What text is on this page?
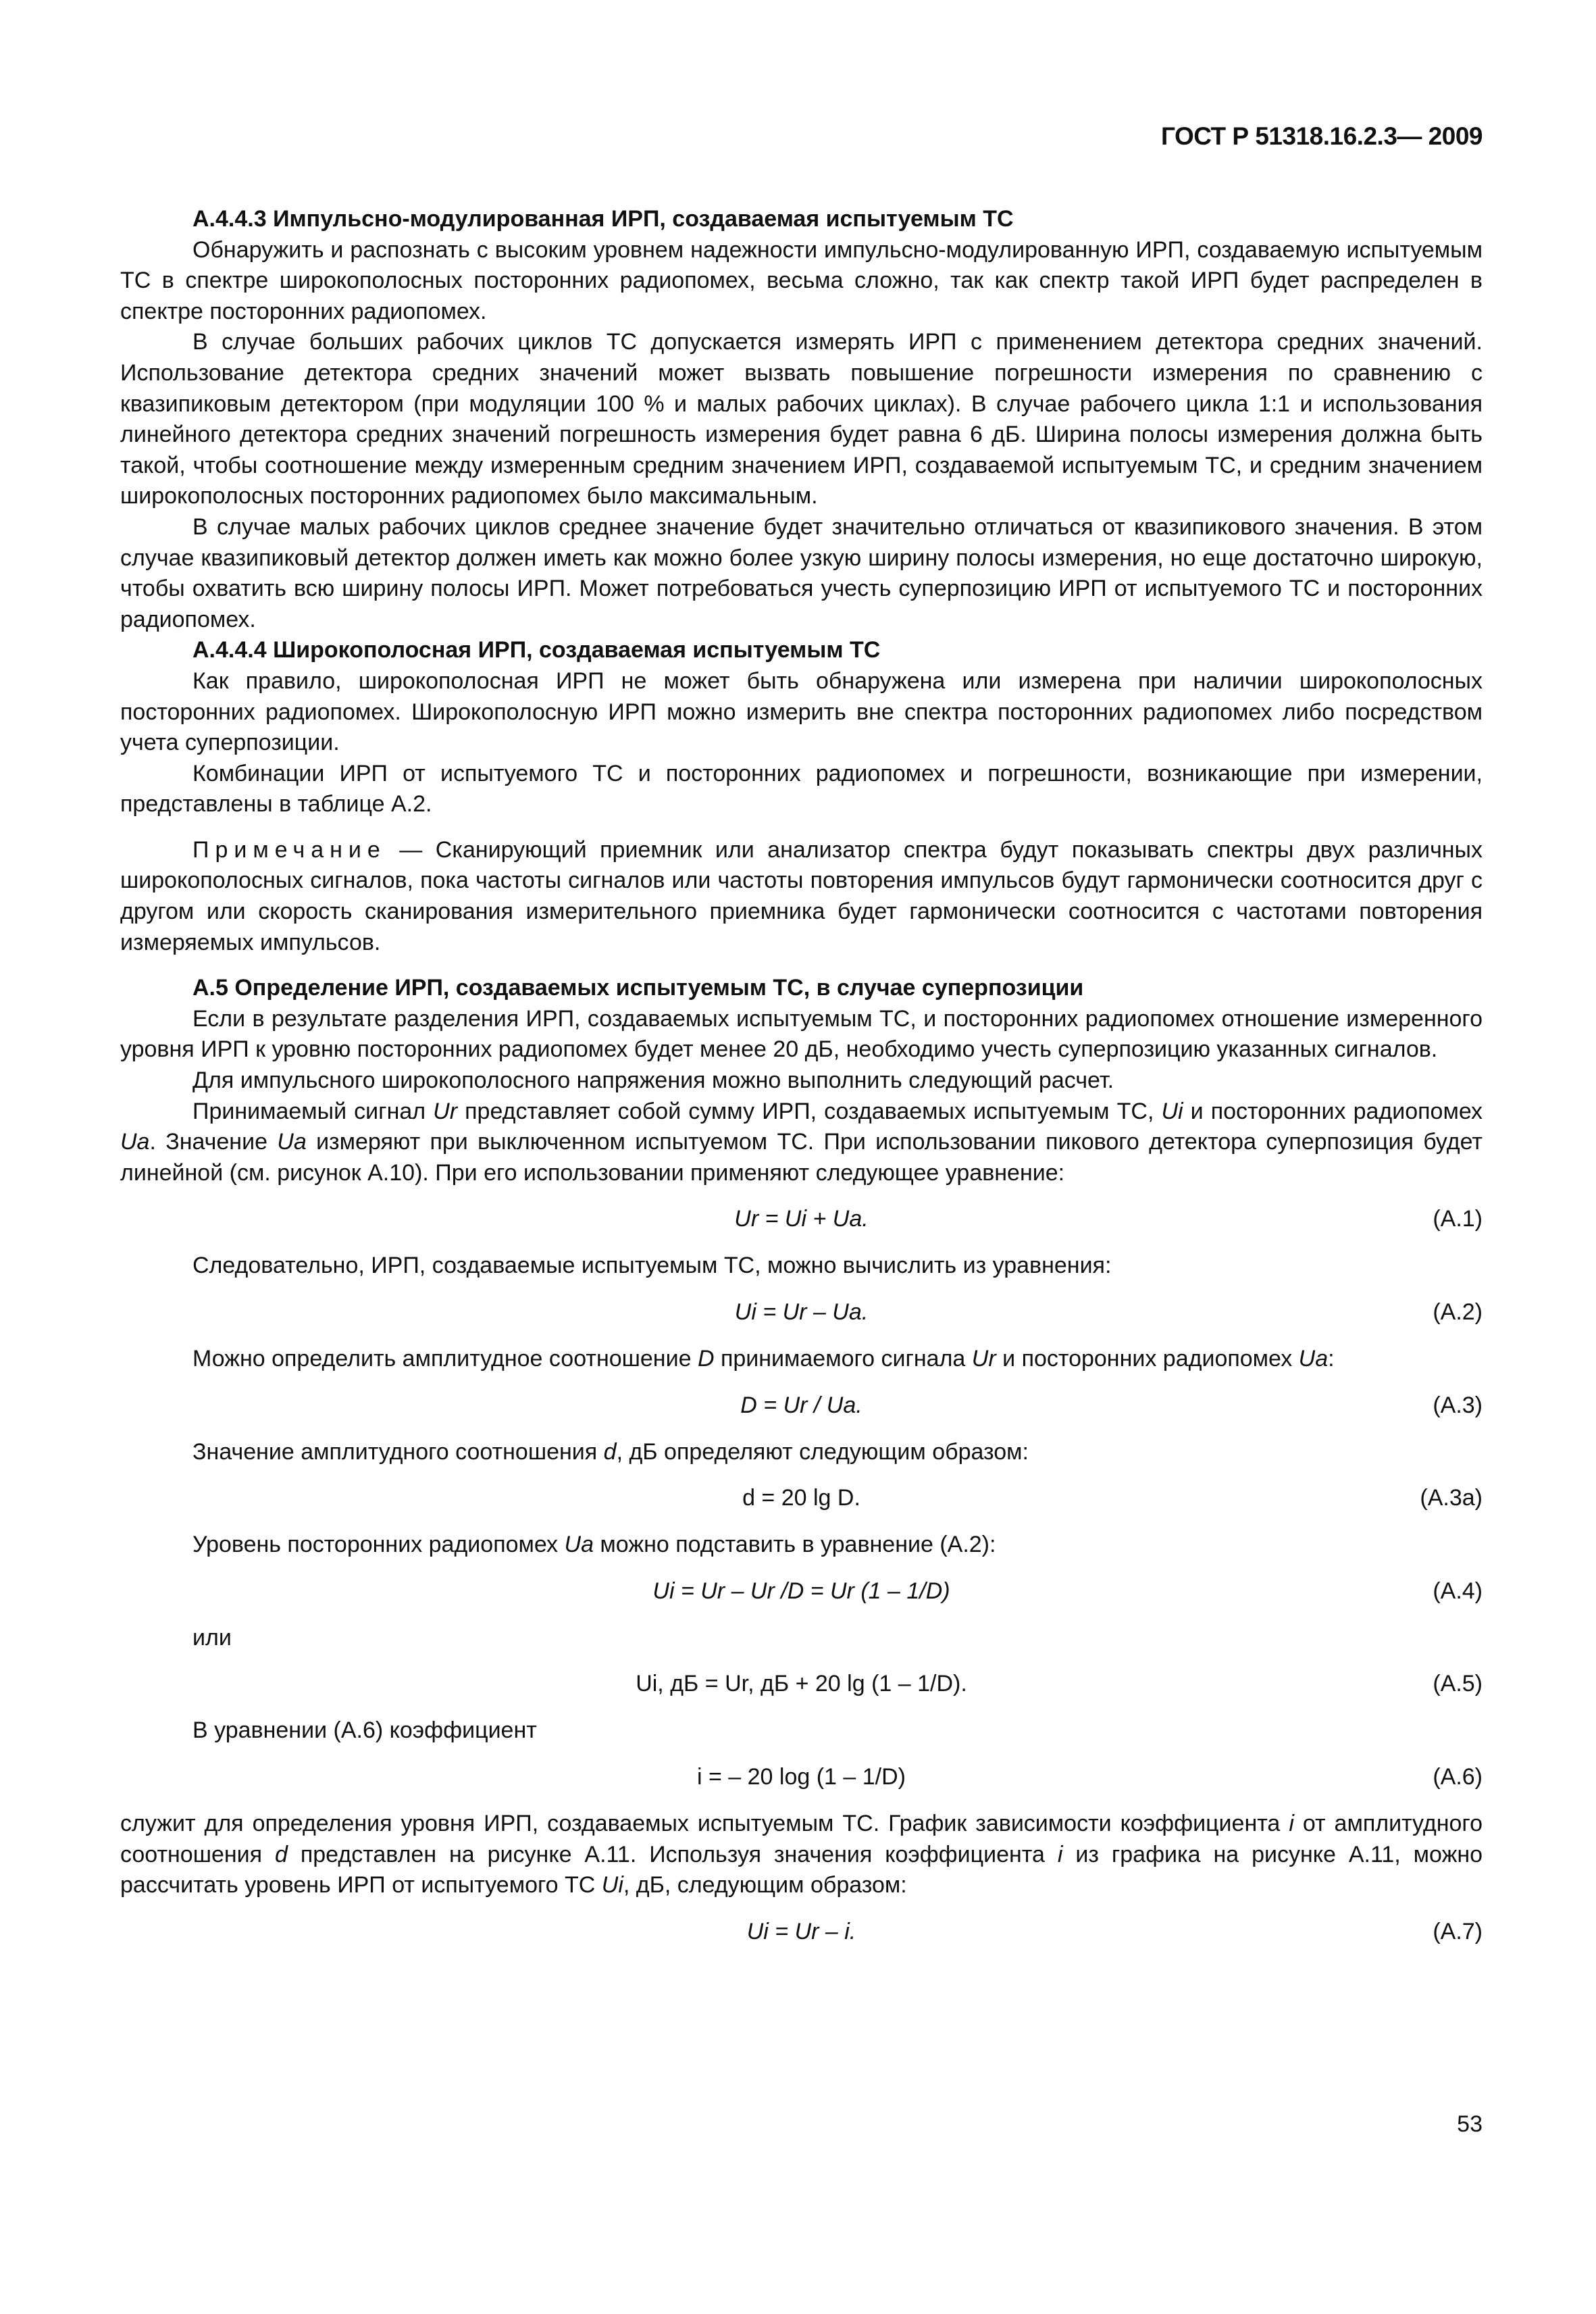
ГОСТ Р 51318.16.2.3— 2009
А.4.4.3 Импульсно-модулированная ИРП, создаваемая испытуемым ТС

Обнаружить и распознать с высоким уровнем надежности импульсно-модулированную ИРП, создаваемую испытуемым ТС в спектре широкополосных посторонних радиопомех, весьма сложно, так как спектр такой ИРП будет распределен в спектре посторонних радиопомех.

В случае больших рабочих циклов ТС допускается измерять ИРП с применением детектора средних значений. Использование детектора средних значений может вызвать повышение погрешности измерения по сравнению с квазипиковым детектором (при модуляции 100 % и малых рабочих циклах). В случае рабочего цикла 1:1 и использования линейного детектора средних значений погрешность измерения будет равна 6 дБ. Ширина полосы измерения должна быть такой, чтобы соотношение между измеренным средним значением ИРП, создаваемой испытуемым ТС, и средним значением широкополосных посторонних радиопомех было максимальным.

В случае малых рабочих циклов среднее значение будет значительно отличаться от квазипикового значения. В этом случае квазипиковый детектор должен иметь как можно более узкую ширину полосы измерения, но еще достаточно широкую, чтобы охватить всю ширину полосы ИРП. Может потребоваться учесть суперпозицию ИРП от испытуемого ТС и посторонних радиопомех.

А.4.4.4 Широкополосная ИРП, создаваемая испытуемым ТС

Как правило, широкополосная ИРП не может быть обнаружена или измерена при наличии широкополосных посторонних радиопомех. Широкополосную ИРП можно измерить вне спектра посторонних радиопомех либо посредством учета суперпозиции.

Комбинации ИРП от испытуемого ТС и посторонних радиопомех и погрешности, возникающие при измерении, представлены в таблице А.2.

Примечание — Сканирующий приемник или анализатор спектра будут показывать спектры двух различных широкополосных сигналов, пока частоты сигналов или частоты повторения импульсов будут гармонически соотносится друг с другом или скорость сканирования измерительного приемника будет гармонически соотносится с частотами повторения измеряемых импульсов.

А.5 Определение ИРП, создаваемых испытуемым ТС, в случае суперпозиции

Если в результате разделения ИРП, создаваемых испытуемым ТС, и посторонних радиопомех отношение измеренного уровня ИРП к уровню посторонних радиопомех будет менее 20 дБ, необходимо учесть суперпозицию указанных сигналов.

Для импульсного широкополосного напряжения можно выполнить следующий расчет.

Принимаемый сигнал Ur представляет собой сумму ИРП, создаваемых испытуемым ТС, Ui и посторонних радиопомех Ua. Значение Ua измеряют при выключенном испытуемом ТС. При использовании пикового детектора суперпозиция будет линейной (см. рисунок А.10). При его использовании применяют следующее уравнение:

Ur = Ui + Ua.	(А.1)

Следовательно, ИРП, создаваемые испытуемым ТС, можно вычислить из уравнения:

Ui = Ur – Ua.	(А.2)

Можно определить амплитудное соотношение D принимаемого сигнала Ur и посторонних радиопомех Ua:

D = Ur / Ua.	(А.3)

Значение амплитудного соотношения d, дБ определяют следующим образом:

d = 20 lg D.	(А.3а)

Уровень посторонних радиопомех Ua можно подставить в уравнение (А.2):

Ui = Ur – Ur /D = Ur (1 – 1/D)	(А.4)

или

Ui, дБ = Ur, дБ + 20 lg (1 – 1/D).	(А.5)

В уравнении (А.6) коэффициент

i = – 20 log (1 – 1/D)	(А.6)

служит для определения уровня ИРП, создаваемых испытуемым ТС. График зависимости коэффициента i от амплитудного соотношения d представлен на рисунке А.11. Используя значения коэффициента i из графика на рисунке А.11, можно рассчитать уровень ИРП от испытуемого ТС Ui, дБ, следующим образом:

Ui = Ur – i.	(А.7)
53
